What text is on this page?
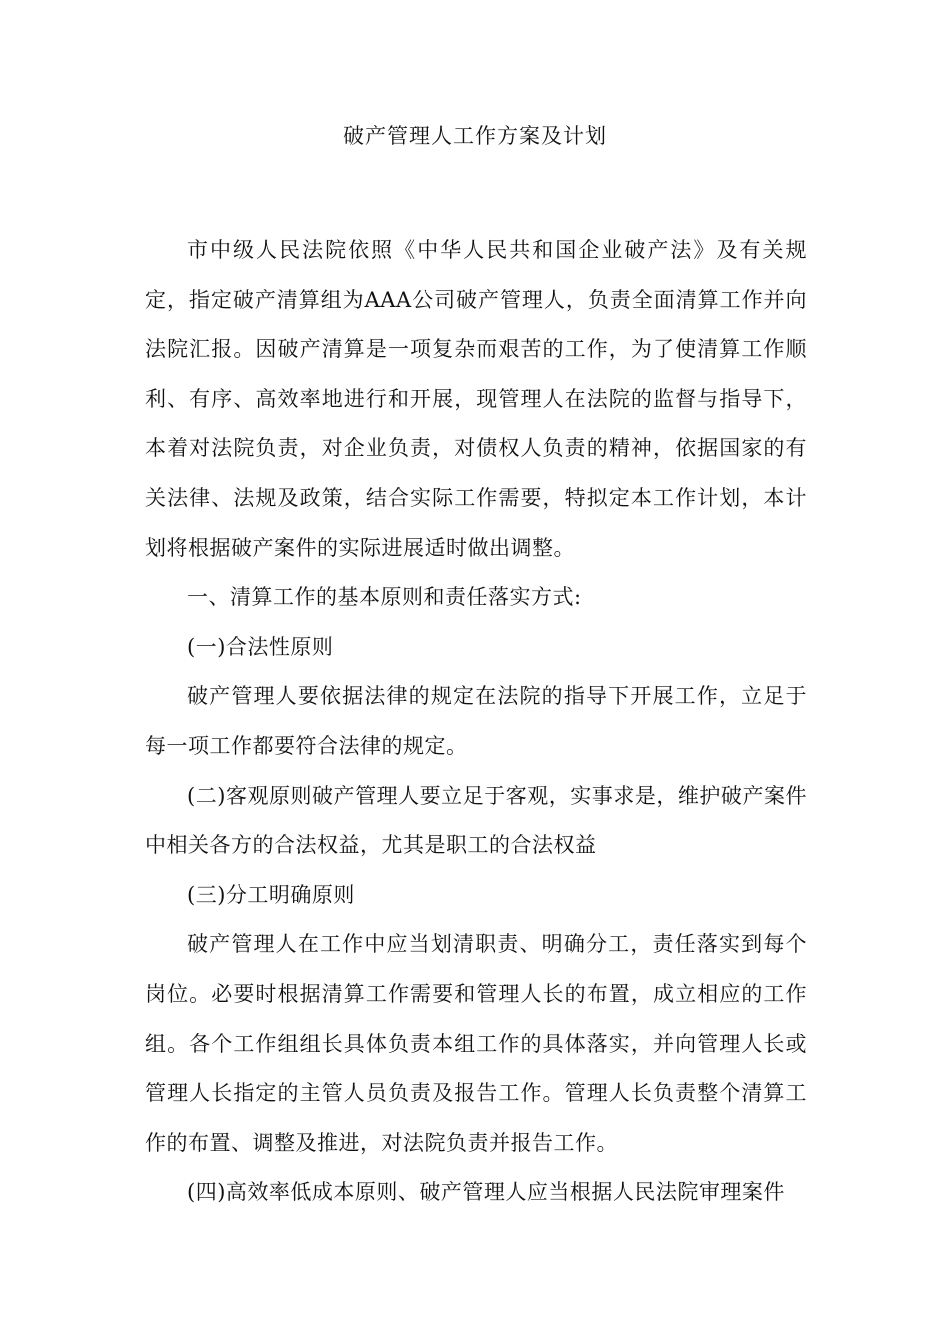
破产管理人工作方案及计划

市中级人民法院依照《中华人民共和国企业破产法》及有关规定，指定破产清算组为AAA公司破产管理人，负责全面清算工作并向法院汇报。因破产清算是一项复杂而艰苦的工作，为了使清算工作顺利、有序、高效率地进行和开展，现管理人在法院的监督与指导下，本着对法院负责，对企业负责，对债权人负责的精神，依据国家的有关法律、法规及政策，结合实际工作需要，特拟定本工作计划，本计划将根据破产案件的实际进展适时做出调整。

一、清算工作的基本原则和责任落实方式:

(一)合法性原则

破产管理人要依据法律的规定在法院的指导下开展工作，立足于每一项工作都要符合法律的规定。

(二)客观原则破产管理人要立足于客观，实事求是，维护破产案件中相关各方的合法权益，尤其是职工的合法权益

(三)分工明确原则

破产管理人在工作中应当划清职责、明确分工，责任落实到每个岗位。必要时根据清算工作需要和管理人长的布置，成立相应的工作组。各个工作组组长具体负责本组工作的具体落实，并向管理人长或管理人长指定的主管人员负责及报告工作。管理人长负责整个清算工作的布置、调整及推进，对法院负责并报告工作。

(四)高效率低成本原则、破产管理人应当根据人民法院审理案件
